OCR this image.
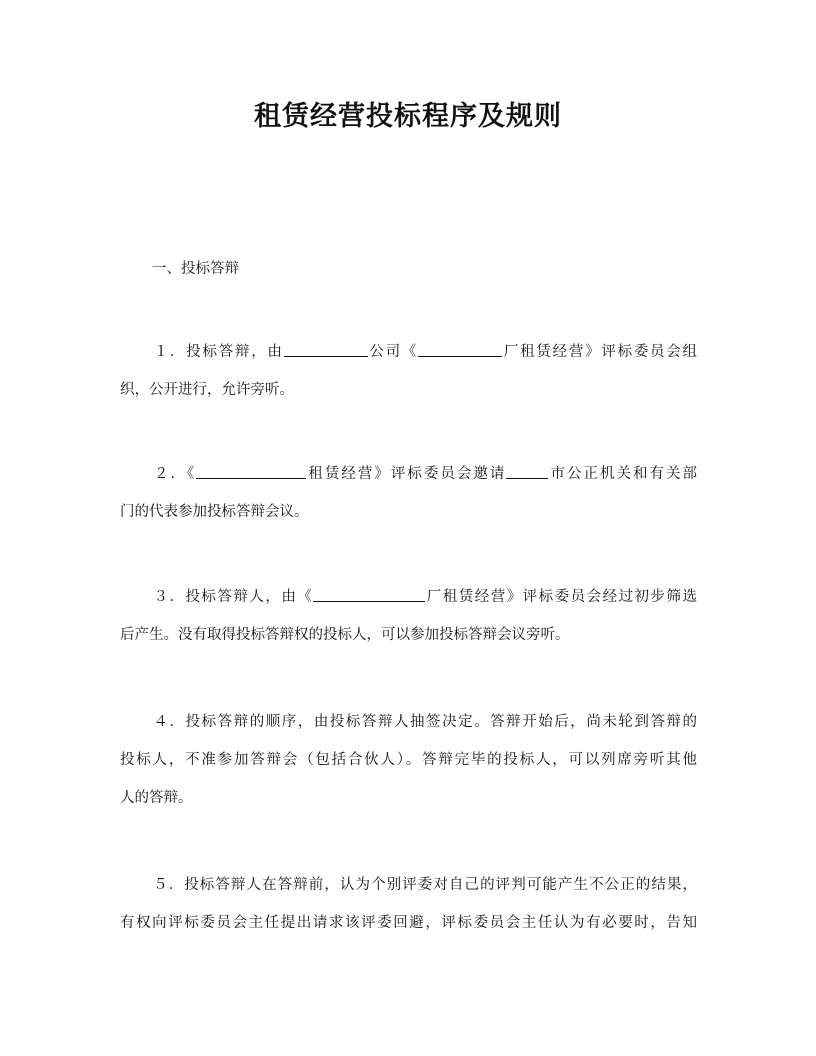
租赁经营投标程序及规则

一、投标答辩

１．投标答辩，由	公司《	厂租赁经营》评标委员会组
织，公开进行，允许旁听。
２．《	租赁经营》评标委员会邀请	市公正机关和有关部
门的代表参加投标答辩会议。
３．投标答辩人，由《	厂租赁经营》评标委员会经过初步筛选
后产生。没有取得投标答辩权的投标人，可以参加投标答辩会议旁听。
４．投标答辩的顺序，由投标答辩人抽签决定。答辩开始后，尚未轮到答辩的
投标人，不准参加答辩会（包括合伙人）。答辩完毕的投标人，可以列席旁听其他
人的答辩。
５．投标答辩人在答辩前，认为个别评委对自己的评判可能产生不公正的结果，
有权向评标委员会主任提出请求该评委回避，评标委员会主任认为有必要时，告知
